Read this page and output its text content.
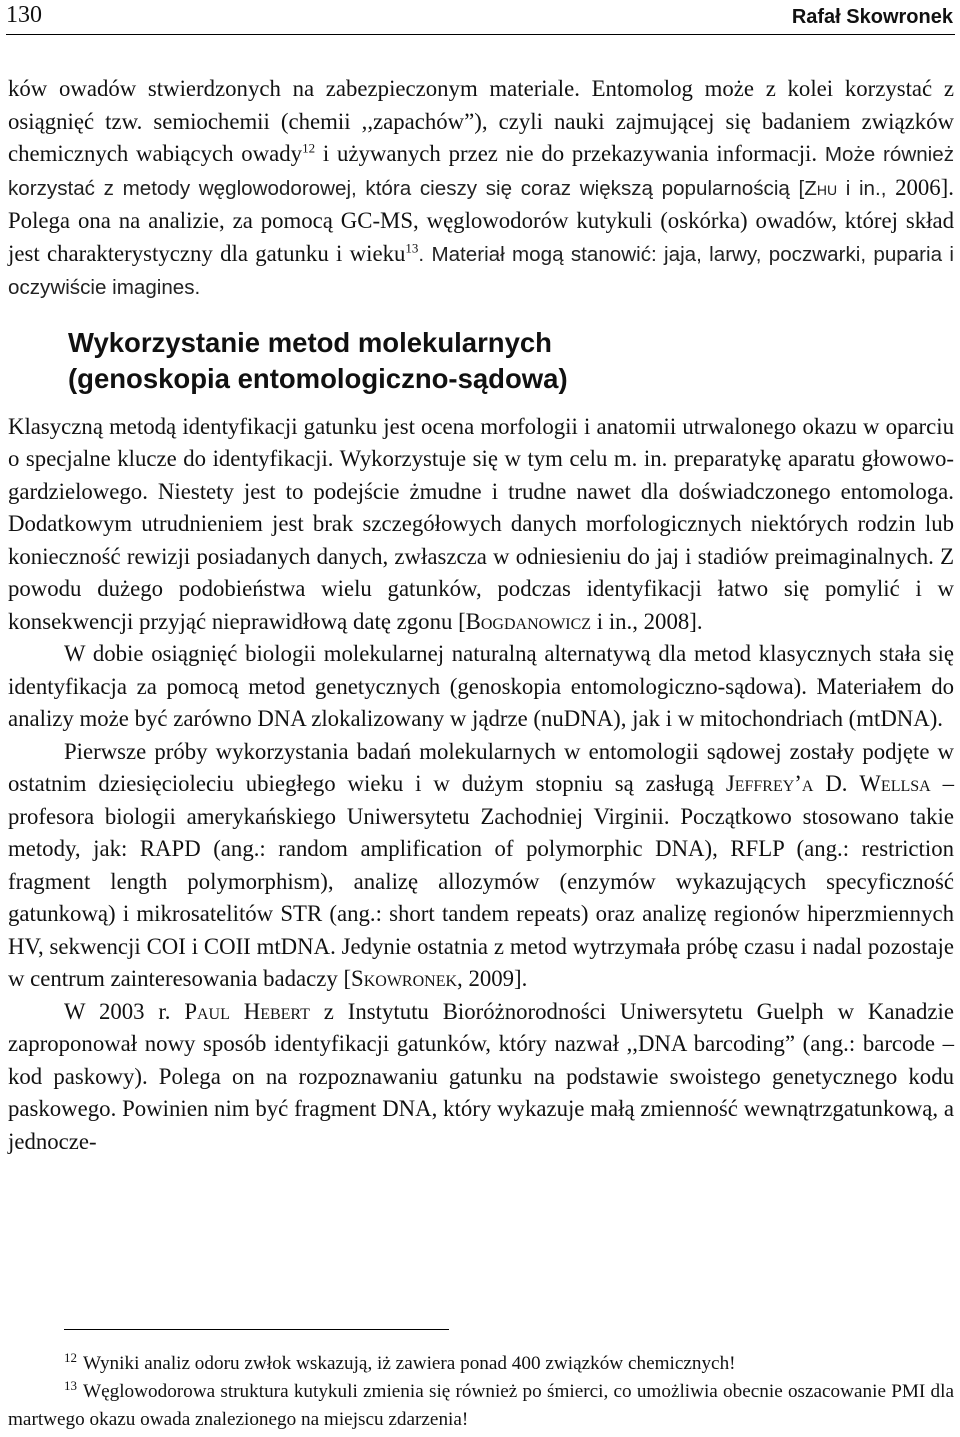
130	Rafał Skowronek

ków owadów stwierdzonych na zabezpieczonym materiale. Entomolog może z kolei korzystać z osiągnięć tzw. semiochemii (chemii ,,zapachów”), czyli nauki zajmującej się badaniem związków chemicznych wabiących owady$^{12}$ i używanych przez nie do przekazywania informacji. Może również korzystać z metody węglowodorowej, która cieszy się coraz większą popularnością [Zhu i in., 2006]. Polega ona na analizie, za pomocą GC-MS, węglowodorów kutykuli (oskórka) owadów, której skład jest charakterystyczny dla gatunku i wieku$^{13}$. Materiał mogą stanowić: jaja, larwy, poczwarki, puparia i oczywiście imagines.

Wykorzystanie metod molekularnych
(genoskopia entomologiczno-sądowa)

Klasyczną metodą identyfikacji gatunku jest ocena morfologii i anatomii utrwalonego okazu w oparciu o specjalne klucze do identyfikacji. Wykorzystuje się w tym celu m. in. preparatykę aparatu głowowo-gardzielowego. Niestety jest to podejście żmudne i trudne nawet dla doświadczonego entomologa. Dodatkowym utrudnieniem jest brak szczegółowych danych morfologicznych niektórych rodzin lub konieczność rewizji posiadanych danych, zwłaszcza w odniesieniu do jaj i stadiów preimaginalnych. Z powodu dużego podobieństwa wielu gatunków, podczas identyfikacji łatwo się pomylić i w konsekwencji przyjąć nieprawidłową datę zgonu [Bogdanowicz i in., 2008].

W dobie osiągnięć biologii molekularnej naturalną alternatywą dla metod klasycznych stała się identyfikacja za pomocą metod genetycznych (genoskopia entomologiczno-sądowa). Materiałem do analizy może być zarówno DNA zlokalizowany w jądrze (nuDNA), jak i w mitochondriach (mtDNA).

Pierwsze próby wykorzystania badań molekularnych w entomologii sądowej zostały podjęte w ostatnim dziesięcioleciu ubiegłego wieku i w dużym stopniu są zasługą Jeffrey’a D. Wellsa – profesora biologii amerykańskiego Uniwersytetu Zachodniej Virginii. Początkowo stosowano takie metody, jak: RAPD (ang.: random amplification of polymorphic DNA), RFLP (ang.: restriction fragment length polymorphism), analizę allozymów (enzymów wykazujących specyficzność gatunkową) i mikrosatelitów STR (ang.: short tandem repeats) oraz analizę regionów hiperzmiennych HV, sekwencji COI i COII mtDNA. Jedynie ostatnia z metod wytrzymała próbę czasu i nadal pozostaje w centrum zainteresowania badaczy [Skowronek, 2009].

W 2003 r. Paul Hebert z Instytutu Bioróżnorodności Uniwersytetu Guelph w Kanadzie zaproponował nowy sposób identyfikacji gatunków, który nazwał ,,DNA barcoding” (ang.: barcode – kod paskowy). Polega on na rozpoznawaniu gatunku na podstawie swoistego genetycznego kodu paskowego. Powinien nim być fragment DNA, który wykazuje małą zmienność wewnątrzgatunkową, a jednocze-

$^{12}$ Wyniki analiz odoru zwłok wskazują, iż zawiera ponad 400 związków chemicznych!

$^{13}$ Węglowodorowa struktura kutykuli zmienia się również po śmierci, co umożliwia obecnie oszacowanie PMI dla martwego okazu owada znalezionego na miejscu zdarzenia!
